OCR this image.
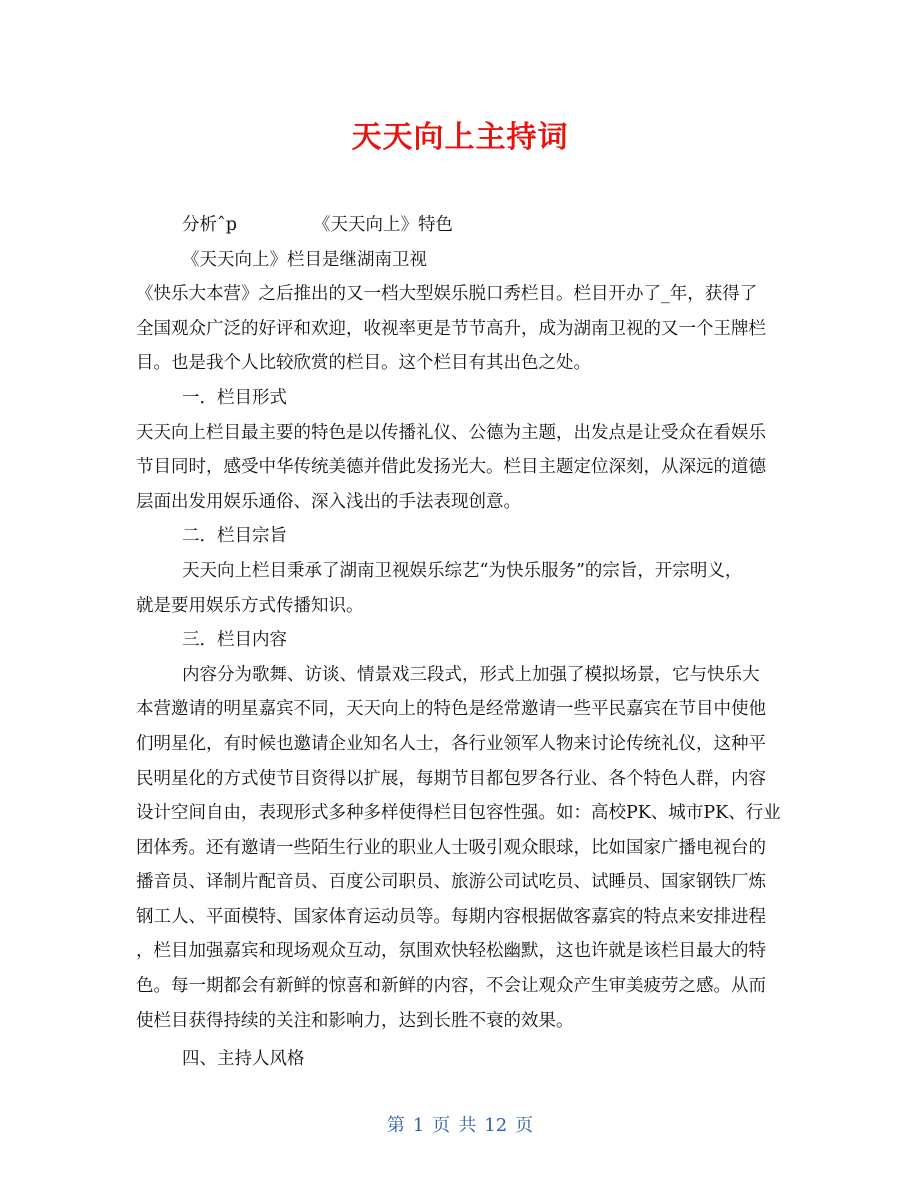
天天向上主持词
分析ˆp	《天天向上》特色
《天天向上》栏目是继湖南卫视
《快乐大本营》之后推出的又一档大型娱乐脱口秀栏目。栏目开办了_年，获得了
全国观众广泛的好评和欢迎，收视率更是节节高升，成为湖南卫视的又一个王牌栏
目。也是我个人比较欣赏的栏目。这个栏目有其出色之处。
一．栏目形式
天天向上栏目最主要的特色是以传播礼仪、公德为主题，出发点是让受众在看娱乐
节目同时，感受中华传统美德并借此发扬光大。栏目主题定位深刻，从深远的道德
层面出发用娱乐通俗、深入浅出的手法表现创意。
二．栏目宗旨
天天向上栏目秉承了湖南卫视娱乐综艺“为快乐服务”的宗旨，开宗明义，
就是要用娱乐方式传播知识。
三．栏目内容
内容分为歌舞、访谈、情景戏三段式，形式上加强了模拟场景，它与快乐大
本营邀请的明星嘉宾不同，天天向上的特色是经常邀请一些平民嘉宾在节目中使他
们明星化，有时候也邀请企业知名人士，各行业领军人物来讨论传统礼仪，这种平
民明星化的方式使节目资得以扩展，每期节目都包罗各行业、各个特色人群，内容
设计空间自由，表现形式多种多样使得栏目包容性强。如：高校PK、城市PK、行业
团体秀。还有邀请一些陌生行业的职业人士吸引观众眼球，比如国家广播电视台的
播音员、译制片配音员、百度公司职员、旅游公司试吃员、试睡员、国家钢铁厂炼
钢工人、平面模特、国家体育运动员等。每期内容根据做客嘉宾的特点来安排进程
，栏目加强嘉宾和现场观众互动，氛围欢快轻松幽默，这也许就是该栏目最大的特
色。每一期都会有新鲜的惊喜和新鲜的内容，不会让观众产生审美疲劳之感。从而
使栏目获得持续的关注和影响力，达到长胜不衰的效果。
四、主持人风格
第 1 页 共 12 页
